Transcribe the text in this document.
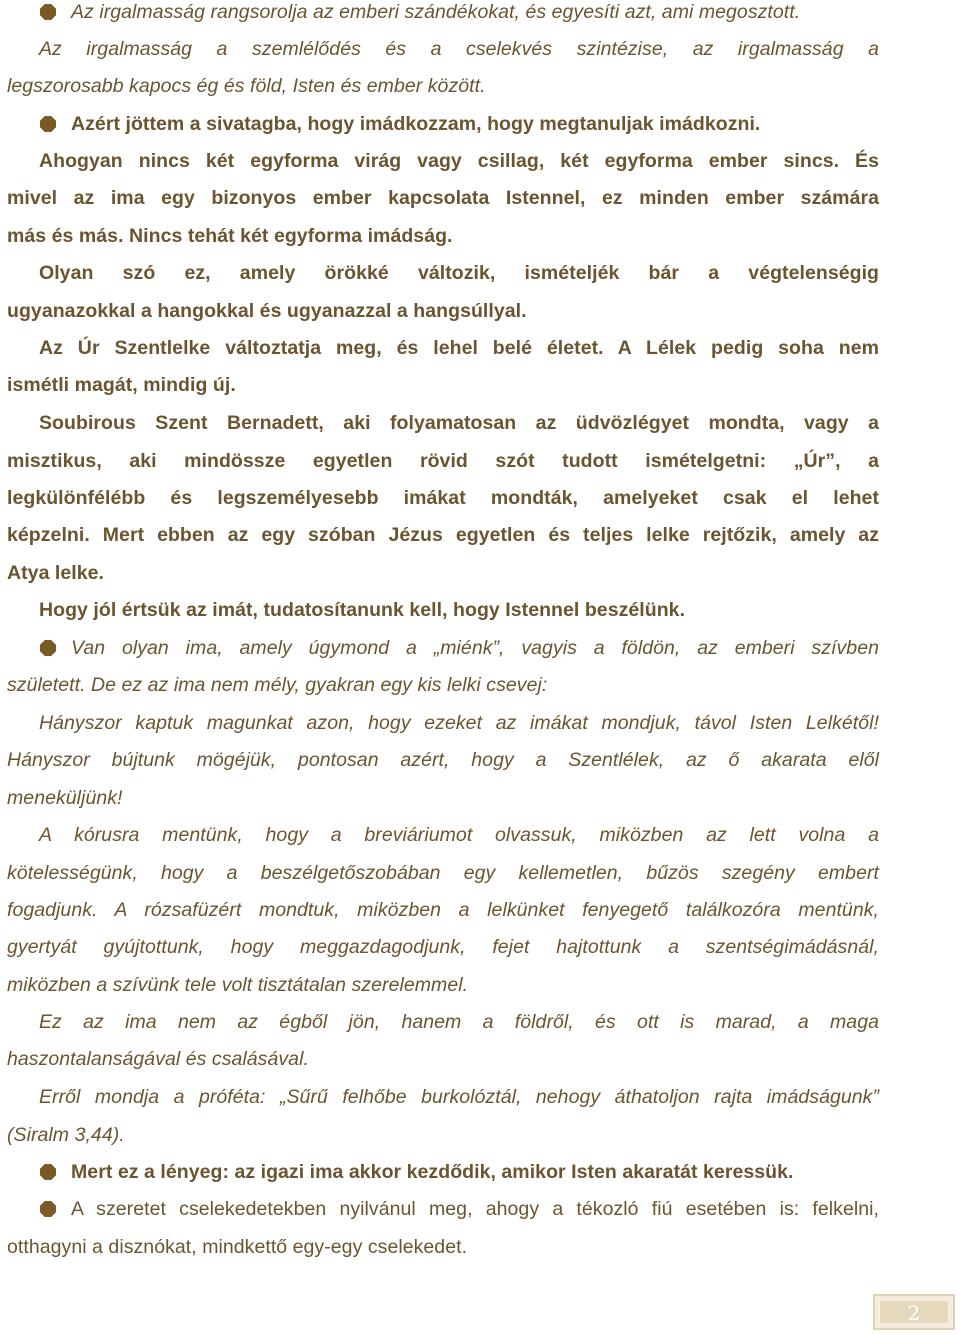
Az irgalmasság rangsorolja az emberi szándékokat, és egyesíti azt, ami megosztott.
Az irgalmasság a szemlélődés és a cselekvés szintézise, az irgalmasság a
legszorosabb kapocs ég és föld, Isten és ember között.
Azért jöttem a sivatagba, hogy imádkozzam, hogy megtanuljak imádkozni.
Ahogyan nincs két egyforma virág vagy csillag, két egyforma ember sincs. És
mivel az ima egy bizonyos ember kapcsolata Istennel, ez minden ember számára
más és más. Nincs tehát két egyforma imádság.
Olyan szó ez, amely örökké változik, ismételjék bár a végtelenségig
ugyanazokkal a hangokkal és ugyanazzal a hangsúllyal.
Az Úr Szentlelke változtatja meg, és lehel belé életet. A Lélek pedig soha nem
ismétli magát, mindig új.
Soubirous Szent Bernadett, aki folyamatosan az üdvözlégyet mondta, vagy a
misztikus, aki mindössze egyetlen rövid szót tudott ismételgetni: „Úr”, a
legkülönfélébb és legszemélyesebb imákat mondták, amelyeket csak el lehet
képzelni. Mert ebben az egy szóban Jézus egyetlen és teljes lelke rejtőzik, amely az
Atya lelke.
Hogy jól értsük az imát, tudatosítanunk kell, hogy Istennel beszélünk.
Van olyan ima, amely úgymond a „miénk”, vagyis a földön, az emberi szívben
született. De ez az ima nem mély, gyakran egy kis lelki csevej:
Hányszor kaptuk magunkat azon, hogy ezeket az imákat mondjuk, távol Isten Lelkétől!
Hányszor bújtunk mögéjük, pontosan azért, hogy a Szentlélek, az ő akarata elől
meneküljünk!
A kórusra mentünk, hogy a breviáriumot olvassuk, miközben az lett volna a
kötelességünk, hogy a beszélgetőszobában egy kellemetlen, bűzös szegény embert
fogadjunk. A rózsafüzért mondtuk, miközben a lelkünket fenyegető találkozóra mentünk,
gyertyát gyújtottunk, hogy meggazdagodjunk, fejet hajtottunk a szentségimádásnál,
miközben a szívünk tele volt tisztátalan szerelemmel.
Ez az ima nem az égből jön, hanem a földről, és ott is marad, a maga
haszontalanságával és csalásával.
Erről mondja a próféta: „Sűrű felhőbe burkolóztál, nehogy áthatoljon rajta imádságunk”
(Siralm 3,44).
Mert ez a lényeg: az igazi ima akkor kezdődik, amikor Isten akaratát keressük.
A szeretet cselekedetekben nyilvánul meg, ahogy a tékozló fiú esetében is: felkelni,
otthagyni a disznókat, mindkettő egy-egy cselekedet.
2
